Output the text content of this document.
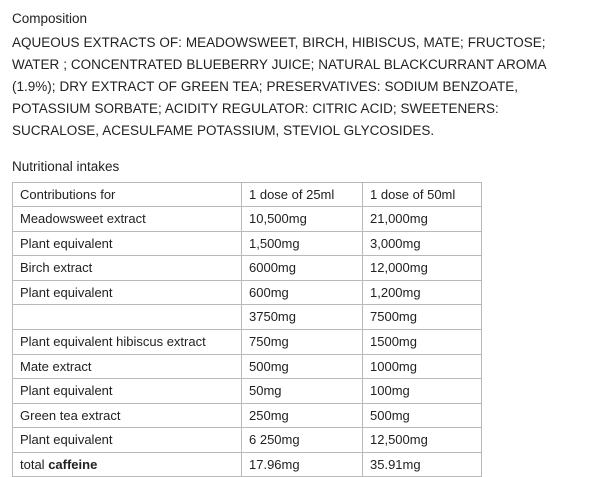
Composition
AQUEOUS EXTRACTS OF: MEADOWSWEET, BIRCH, HIBISCUS, MATE; FRUCTOSE; WATER ; CONCENTRATED BLUEBERRY JUICE; NATURAL BLACKCURRANT AROMA (1.9%); DRY EXTRACT OF GREEN TEA; PRESERVATIVES: SODIUM BENZOATE, POTASSIUM SORBATE; ACIDITY REGULATOR: CITRIC ACID; SWEETENERS: SUCRALOSE, ACESULFAME POTASSIUM, STEVIOL GLYCOSIDES.
Nutritional intakes
Contributions for	1 dose of 25ml	1 dose of 50ml
Meadowsweet extract	10,500mg	21,000mg
Plant equivalent	1,500mg	3,000mg
Birch extract	6000mg	12,000mg
Plant equivalent	600mg	1,200mg
	3750mg	7500mg
Plant equivalent hibiscus extract	750mg	1500mg
Mate extract	500mg	1000mg
Plant equivalent	50mg	100mg
Green tea extract	250mg	500mg
Plant equivalent	6 250mg	12,500mg
total caffeine	17.96mg	35.91mg
